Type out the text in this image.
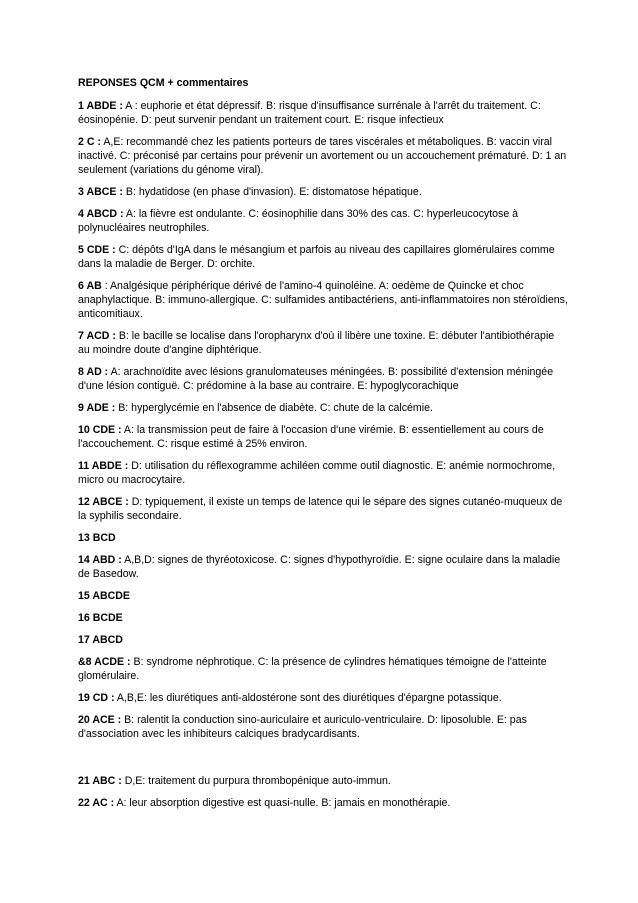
REPONSES QCM + commentaires
1 ABDE : A : euphorie et état dépressif. B: risque d'insuffisance surrénale à l'arrêt du traitement. C: éosinopénie. D: peut survenir pendant un traitement court. E: risque infectieux
2 C : A,E: recommandé chez les patients porteurs de tares viscérales et métaboliques. B: vaccin viral inactivé. C: préconisé par certains pour prévenir un avortement ou un accouchement prématuré. D: 1 an seulement (variations du génome viral).
3 ABCE : B: hydatidose (en phase d'invasion). E: distomatose hépatique.
4 ABCD : A: la fièvre est ondulante. C: éosinophilie dans 30% des cas. C: hyperleucocytose à polynucléaires neutrophiles.
5 CDE : C: dépôts d'IgA dans le mésangium et parfois au niveau des capillaires glomérulaires comme dans la maladie de Berger. D: orchite.
6 AB : Analgésique périphérique dérivé de l'amino-4 quinoléine. A: oedème de Quincke et choc anaphylactique. B: immuno-allergique. C: sulfamides antibactériens, anti-inflammatoires non stéroïdiens, anticomitiaux.
7 ACD : B: le bacille se localise dans l'oropharynx d'où il libère une toxine. E: débuter l'antibiothérapie au moindre doute d'angine diphtérique.
8 AD : A: arachnoïdite avec lésions granulomateuses méningées. B: possibilité d'extension méningée d'une lésion contiguë. C: prédomine à la base au contraire. E: hypoglycorachique
9 ADE : B: hyperglycémie en l'absence de diabète. C: chute de la calcémie.
10 CDE : A: la transmission peut de faire à l'occasion d'une virémie. B: essentiellement au cours de l'accouchement. C: risque estimé à 25% environ.
11 ABDE : D: utilisation du réflexogramme achiléen comme outil diagnostic. E: anémie normochrome, micro ou macrocytaire.
12 ABCE : D: typiquement, il existe un temps de latence qui le sépare des signes cutanéo-muqueux de la syphilis secondaire.
13 BCD
14 ABD : A,B,D: signes de thyréotoxicose. C: signes d'hypothyroïdie. E: signe oculaire dans la maladie de Basedow.
15 ABCDE
16 BCDE
17 ABCD
&8 ACDE : B: syndrome néphrotique. C: la présence de cylindres hématiques témoigne de l'atteinte glomérulaire.
19 CD : A,B,E: les diurétiques anti-aldostérone sont des diurétiques d'épargne potassique.
20 ACE : B: ralentit la conduction sino-auriculaire et auriculo-ventriculaire. D: liposoluble. E: pas d'association avec les inhibiteurs calciques bradycardisants.
21 ABC : D,E: traitement du purpura thrombopénique auto-immun.
22 AC : A: leur absorption digestive est quasi-nulle. B: jamais en monothérapie.
